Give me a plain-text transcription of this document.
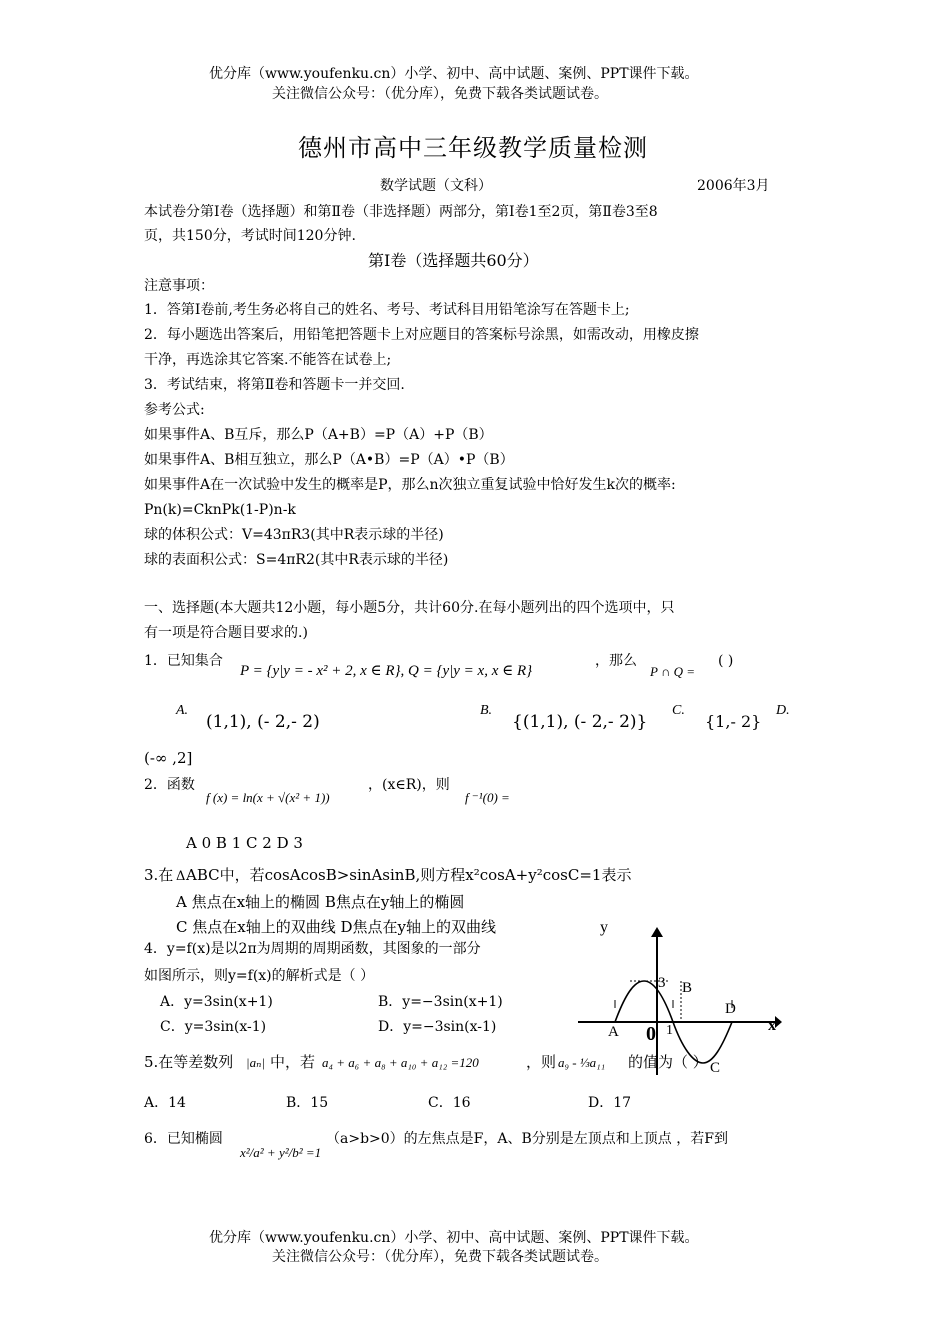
优分库（www.youfenku.cn）小学、初中、高中试题、案例、PPT课件下载。
关注微信公众号：（优分库），免费下载各类试题试卷。
德州市高中三年级教学质量检测
数学试题（文科）	2006年3月
本试卷分第Ⅰ卷（选择题）和第Ⅱ卷（非选择题）两部分，第Ⅰ卷1至2页，第Ⅱ卷3至8
页，共150分，考试时间120分钟.
第Ⅰ卷（选择题共60分）
注意事项：
1．答第Ⅰ卷前,考生务必将自己的姓名、考号、考试科目用铅笔涂写在答题卡上;
2．每小题选出答案后，用铅笔把答题卡上对应题目的答案标号涂黑，如需改动，用橡皮擦
干净，再选涂其它答案.不能答在试卷上;
3．考试结束，将第Ⅱ卷和答题卡一并交回.
参考公式:
如果事件A、B互斥，那么P（A+B）=P（A）+P（B）
如果事件A、B相互独立，那么P（A•B）=P（A）•P（B）
如果事件A在一次试验中发生的概率是P，那么n次独立重复试验中恰好发生k次的概率:
Pn(k)=CknPk(1-P)n-k
球的体积公式：V=43πR3(其中R表示球的半径)
球的表面积公式：S=4πR2(其中R表示球的半径)
一、选择题(本大题共12小题，每小题5分，共计60分.在每小题列出的四个选项中，只
有一项是符合题目要求的.)
1．已知集合
P = {y|y = - x² + 2, x ∈ R}, Q = {y|y = x, x ∈ R}
，那么
P ∩ Q =
( )
A.
(1,1), (- 2,- 2)
B.
{(1,1), (- 2,- 2)}
C.
{1,- 2}
D.
(-∞ ,2]
2．函数
f (x) = ln(x + √(x² + 1))
，(x∈R)，则
f ⁻¹(0) =
A 0 B 1 C 2 D 3
3.在 Δ ABC中，若cosAcosB>sinAsinB,则方程x²cosA+y²cosC=1表示
A 焦点在x轴上的椭圆 B焦点在y轴上的椭圆
C 焦点在x轴上的双曲线 D焦点在y轴上的双曲线
4．y=f(x)是以2π为周期的周期函数，其图象的一部分
如图所示，则y=f(x)的解析式是（ ）
A．y=3sin(x+1)	B．y=−3sin(x+1)
C．y=3sin(x-1)	D．y=−3sin(x-1)
y
x
0
3
1
A
B
C
D
5.在等差数列 |aₙ| 中，若 a₄ + a₆ + a₈ + a₁₀ + a₁₂ =120	，则 a₉ - ⅓a₁₁ 的值为（ ）
A．14	B．15	C．16	D．17
6．已知椭圆
x²/a² + y²/b² =1
（a>b>0）的左焦点是F，A、B分别是左顶点和上顶点 ，若F到
优分库（www.youfenku.cn）小学、初中、高中试题、案例、PPT课件下载。
关注微信公众号：（优分库），免费下载各类试题试卷。
